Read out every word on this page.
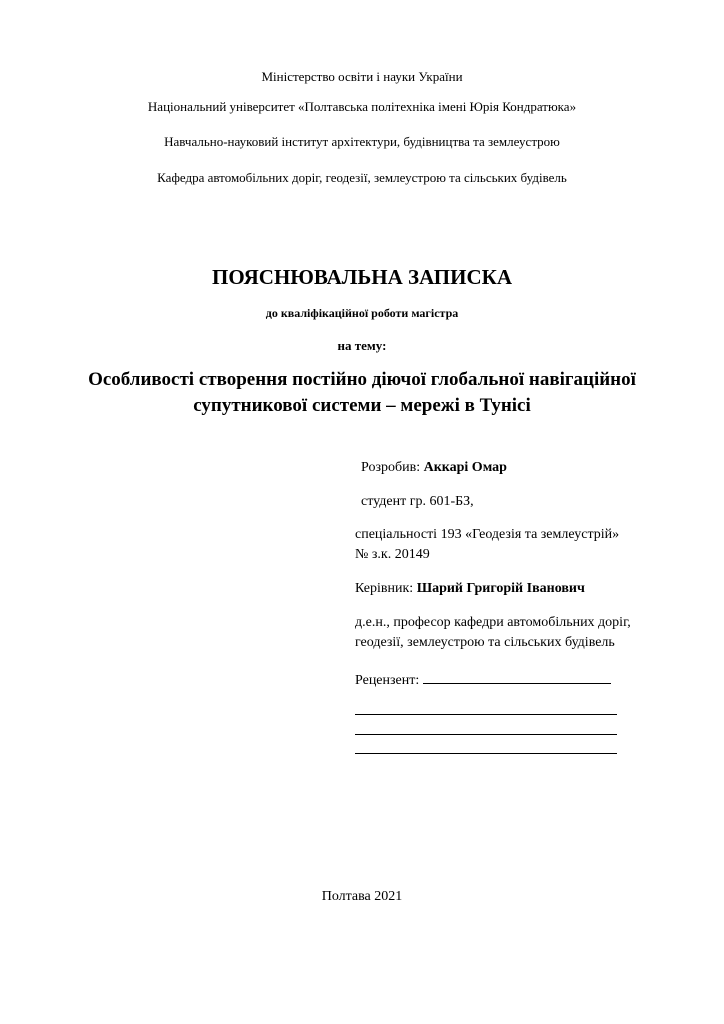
Міністерство освіти і науки України
Національний університет «Полтавська політехніка імені Юрія Кондратюка»
Навчально-науковий інститут архітектури, будівництва та землеустрою
Кафедра автомобільних доріг, геодезії, землеустрою та сільських будівель
ПОЯСНЮВАЛЬНА ЗАПИСКА
до кваліфікаційної роботи магістра
на тему:
Особливості створення постійно діючої глобальної навігаційної
супутникової системи – мережі в Тунісі
Розробив: Аккарі Омар
студент гр. 601-БЗ,
спеціальності 193 «Геодезія та землеустрій»
№ з.к. 20149
Керівник: Шарий Григорій Іванович
д.е.н., професор кафедри автомобільних доріг,
геодезії, землеустрою та сільських будівель
Рецензент:
Полтава 2021
